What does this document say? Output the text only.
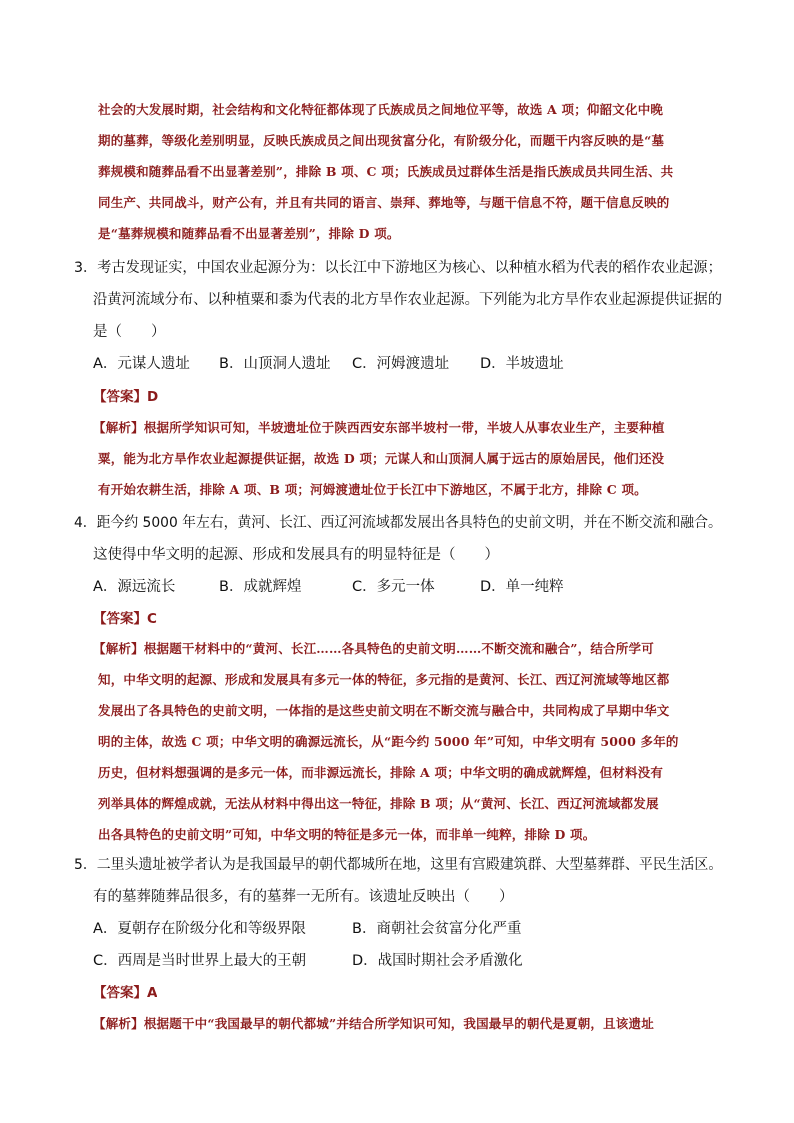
社会的大发展时期，社会结构和文化特征都体现了氏族成员之间地位平等，故选 A 项；仰韶文化中晚
期的墓葬，等级化差别明显，反映氏族成员之间出现贫富分化，有阶级分化，而题干内容反映的是“墓
葬规模和随葬品看不出显著差别”，排除 B 项、C 项；氏族成员过群体生活是指氏族成员共同生活、共
同生产、共同战斗，财产公有，并且有共同的语言、崇拜、葬地等，与题干信息不符，题干信息反映的
是“墓葬规模和随葬品看不出显著差别”，排除 D 项。
3．考古发现证实，中国农业起源分为：以长江中下游地区为核心、以种植水稻为代表的稻作农业起源；
沿黄河流域分布、以种植粟和黍为代表的北方旱作农业起源。下列能为北方旱作农业起源提供证据的
是（　　）
A．元谋人遗址 B．山顶洞人遗址 C．河姆渡遗址 D．半坡遗址
【答案】D
【解析】根据所学知识可知，半坡遗址位于陕西西安东部半坡村一带，半坡人从事农业生产，主要种植
粟，能为北方旱作农业起源提供证据，故选 D 项；元谋人和山顶洞人属于远古的原始居民，他们还没
有开始农耕生活，排除 A 项、B 项；河姆渡遗址位于长江中下游地区，不属于北方，排除 C 项。
4．距今约 5000 年左右，黄河、长江、西辽河流域都发展出各具特色的史前文明，并在不断交流和融合。
这使得中华文明的起源、形成和发展具有的明显特征是（　　）
A．源远流长	B．成就辉煌	C．多元一体	D．单一纯粹
【答案】C
【解析】根据题干材料中的“黄河、长江……各具特色的史前文明……不断交流和融合”，结合所学可
知，中华文明的起源、形成和发展具有多元一体的特征，多元指的是黄河、长江、西辽河流域等地区都
发展出了各具特色的史前文明，一体指的是这些史前文明在不断交流与融合中，共同构成了早期中华文
明的主体，故选 C 项；中华文明的确源远流长，从“距今约 5000 年”可知，中华文明有 5000 多年的
历史，但材料想强调的是多元一体，而非源远流长，排除 A 项；中华文明的确成就辉煌，但材料没有
列举具体的辉煌成就，无法从材料中得出这一特征，排除 B 项；从“黄河、长江、西辽河流域都发展
出各具特色的史前文明”可知，中华文明的特征是多元一体，而非单一纯粹，排除 D 项。
5．二里头遗址被学者认为是我国最早的朝代都城所在地，这里有宫殿建筑群、大型墓葬群、平民生活区。
有的墓葬随葬品很多，有的墓葬一无所有。该遗址反映出（　　）
A．夏朝存在阶级分化和等级界限	B．商朝社会贫富分化严重
C．西周是当时世界上最大的王朝	D．战国时期社会矛盾激化
【答案】A
【解析】根据题干中“我国最早的朝代都城”并结合所学知识可知，我国最早的朝代是夏朝，且该遗址
